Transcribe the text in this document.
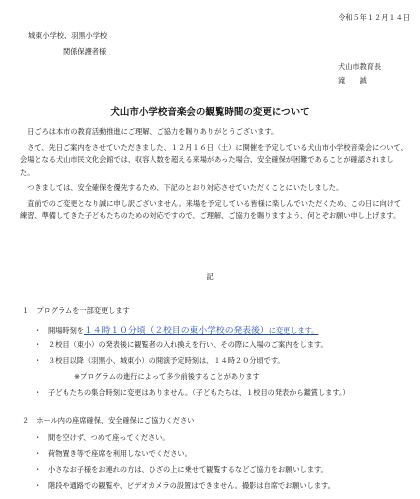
令和５年１２月１４日
城東小学校、羽黒小学校
関係保護者様
犬山市教育長
滝　　誠
犬山市小学校音楽会の観覧時間の変更について
　日ごろは本市の教育活動推進にご理解、ご協力を賜りありがとうございます。
　さて、先日ご案内をさせていただきました、１２月１６日（土）に開催を予定している犬山市小学校音楽会について、会場となる犬山市民文化会館では、収容人数を超える来場があった場合、安全確保が困難であることが確認されました。
　つきましては、安全確保を優先するため、下記のとおり対応させていただくことにいたしました。
　直前でのご変更となり誠に申し訳ございません。来場を予定している皆様に楽しんでいただくため、この日に向けて練習、準備してきた子どもたちのための対応ですので、ご理解、ご協力を賜りますよう、何とぞお願い申し上げます。
記
１　プログラムを一部変更します
・ 開場時刻を１４時１０分頃（２校目の東小学校の発表後）に変更します。
・ ２校目（東小）の発表後に観覧者の入れ換えを行い、その際に入場のご案内をします。
・ ３校目以降（羽黒小、城東小）の開演予定時刻は、１４時２０分頃です。
※プログラムの進行によって多少前後することがあります
・ 子どもたちの集合時刻に変更はありません。（子どもたちは、１校目の発表から鑑賞します。）
２　ホール内の座席確保、安全確保にご協力ください
・ 間を空けず、つめて座ってください。
・ 荷物置き等で座席を利用しないでください。
・ 小さなお子様をお連れの方は、ひざの上に乗せて観覧するなどご協力をお願いします。
・ 階段や通路での観覧や、ビデオカメラの設置はできません。撮影は自席でお願いします。
